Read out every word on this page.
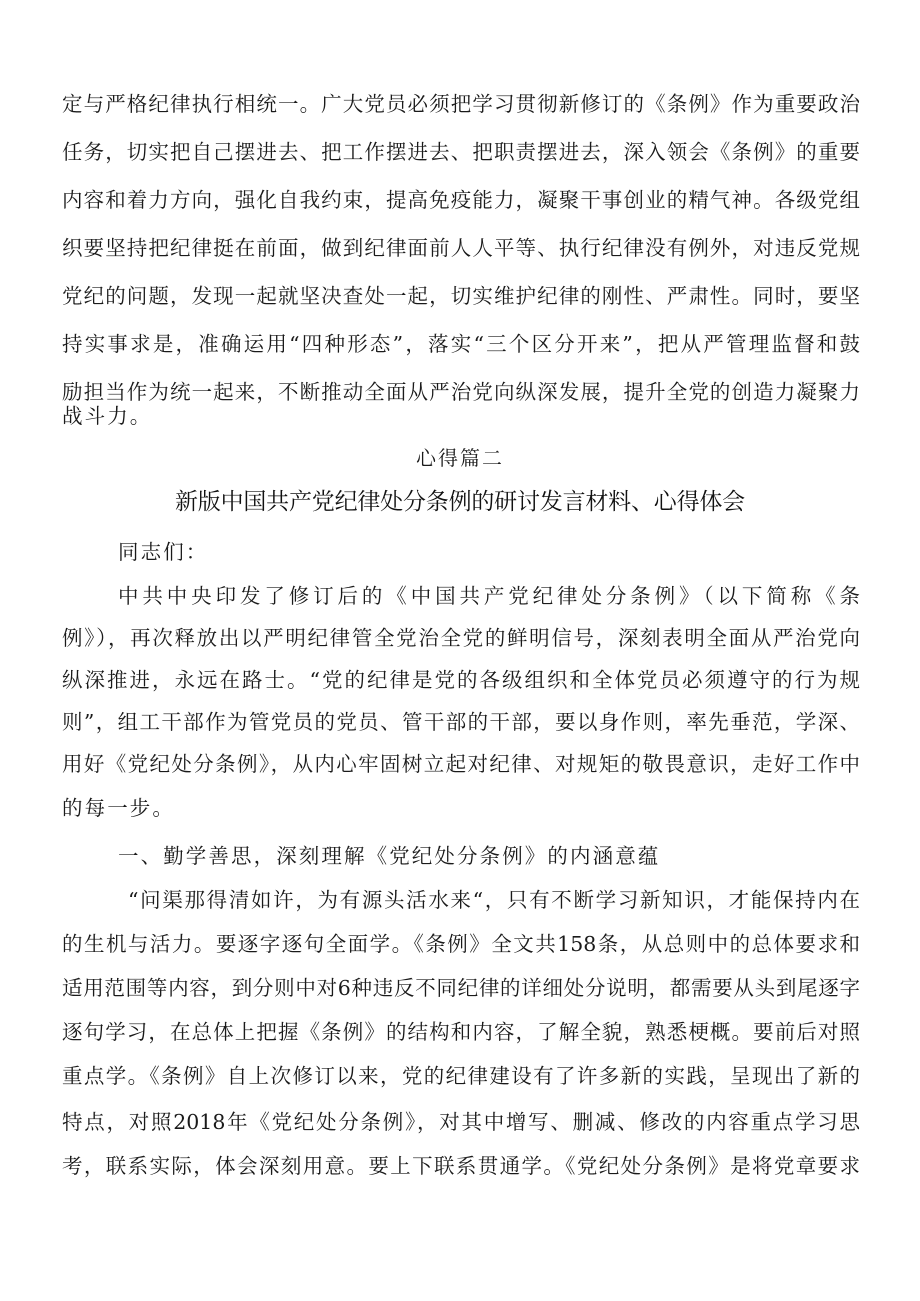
定与严格纪律执行相统一。广大党员必须把学习贯彻新修订的《条例》作为重要政治
任务，切实把自己摆进去、把工作摆进去、把职责摆进去，深入领会《条例》的重要
内容和着力方向，强化自我约束，提高免疫能力，凝聚干事创业的精气神。各级党组
织要坚持把纪律挺在前面，做到纪律面前人人平等、执行纪律没有例外，对违反党规
党纪的问题，发现一起就坚决查处一起，切实维护纪律的刚性、严肃性。同时，要坚
持实事求是，准确运用“四种形态”，落实“三个区分开来”，把从严管理监督和鼓
励担当作为统一起来，不断推动全面从严治党向纵深发展，提升全党的创造力凝聚力
战斗力。
心得篇二
新版中国共产党纪律处分条例的研讨发言材料、心得体会
同志们：
中共中央印发了修订后的《中国共产党纪律处分条例》（以下简称《条
例》），再次释放出以严明纪律管全党治全党的鲜明信号，深刻表明全面从严治党向
纵深推进，永远在路士。“党的纪律是党的各级组织和全体党员必须遵守的行为规
则”，组工干部作为管党员的党员、管干部的干部，要以身作则，率先垂范，学深、
用好《党纪处分条例》，从内心牢固树立起对纪律、对规矩的敬畏意识，走好工作中
的每一步。
一、勤学善思，深刻理解《党纪处分条例》的内涵意蕴
“问渠那得清如许，为有源头活水来“，只有不断学习新知识，才能保持内在
的生机与活力。要逐字逐句全面学。《条例》全文共158条，从总则中的总体要求和
适用范围等内容，到分则中对6种违反不同纪律的详细处分说明，都需要从头到尾逐字
逐句学习，在总体上把握《条例》的结构和内容，了解全貌，熟悉梗概。要前后对照
重点学。《条例》自上次修订以来，党的纪律建设有了许多新的实践，呈现出了新的
特点，对照2018年《党纪处分条例》，对其中增写、删减、修改的内容重点学习思
考，联系实际，体会深刻用意。要上下联系贯通学。《党纪处分条例》是将党章要求
